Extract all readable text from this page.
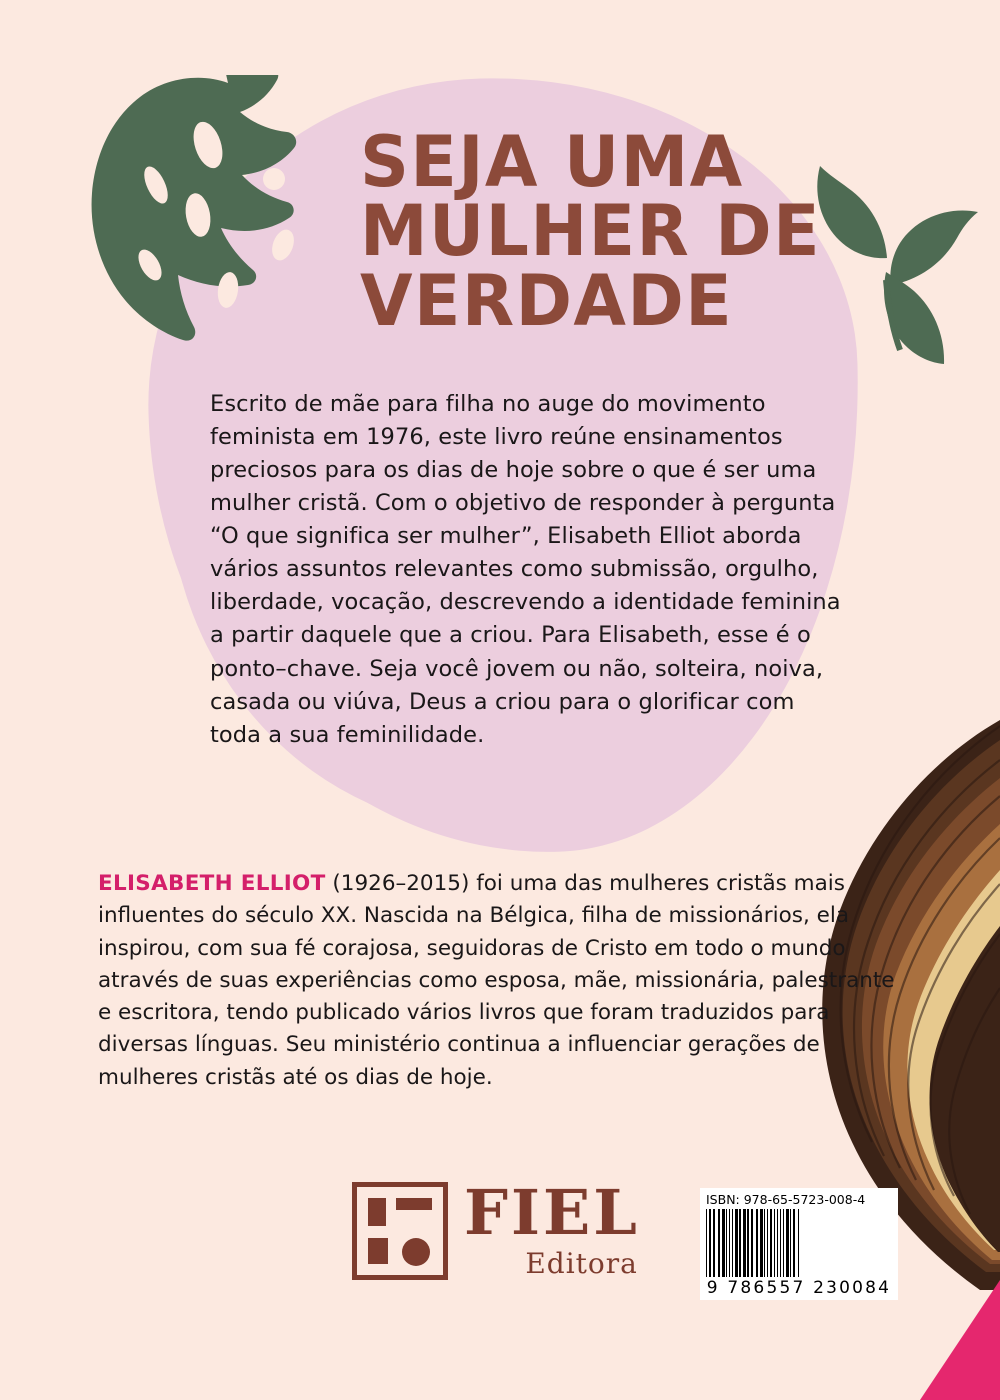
SEJA UMA
MULHER DE
VERDADE

Escrito de mãe para filha no auge do movimento feminista em 1976, este livro reúne ensinamentos preciosos para os dias de hoje sobre o que é ser uma mulher cristã. Com o objetivo de responder à pergunta “O que significa ser mulher”, Elisabeth Elliot aborda vários assuntos relevantes como submissão, orgulho, liberdade, vocação, descrevendo a identidade feminina a partir daquele que a criou. Para Elisabeth, esse é o ponto–chave. Seja você jovem ou não, solteira, noiva, casada ou viúva, Deus a criou para o glorificar com toda a sua feminilidade.

ELISABETH ELLIOT (1926–2015) foi uma das mulheres cristãs mais influentes do século XX. Nascida na Bélgica, filha de missionários, ela inspirou, com sua fé corajosa, seguidoras de Cristo em todo o mundo através de suas experiências como esposa, mãe, missionária, palestrante e escritora, tendo publicado vários livros que foram traduzidos para diversas línguas. Seu ministério continua a influenciar gerações de mulheres cristãs até os dias de hoje.

FIEL
Editora
ISBN: 978-65-5723-008-4
9 786557 230084
